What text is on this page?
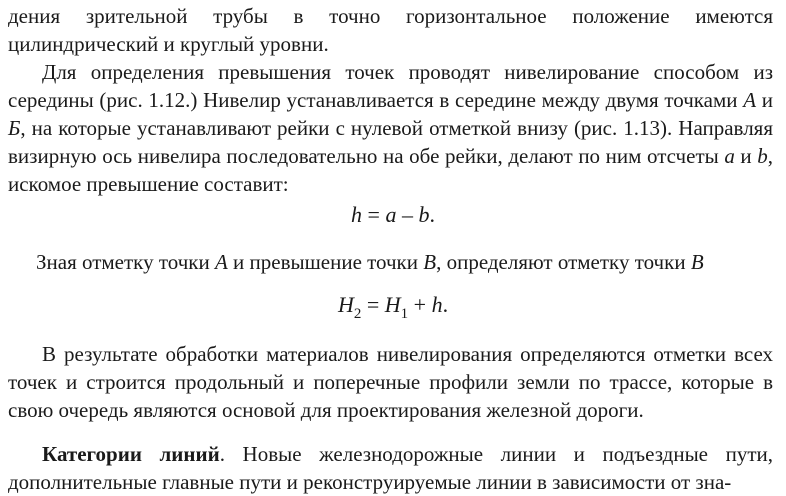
дения зрительной трубы в точно горизонтальное положение имеются цилиндрический и круглый уровни.

Для определения превышения точек проводят нивелирование способом из середины (рис. 1.12.) Нивелир устанавливается в середине между двумя точками А и Б, на которые устанавливают рейки с нулевой отметкой внизу (рис. 1.13). Направляя визирную ось нивелира последовательно на обе рейки, делают по ним отсчеты a и b, искомое превышение составит:

h = a – b.

Зная отметку точки A и превышение точки B, определяют отметку точки B

$H_2 = H_1 + h$.

В результате обработки материалов нивелирования определяются отметки всех точек и строится продольный и поперечные профили земли по трассе, которые в свою очередь являются основой для проектирования железной дороги.

Категории линий. Новые железнодорожные линии и подъездные пути, дополнительные главные пути и реконструируемые линии в зависимости от зна-
